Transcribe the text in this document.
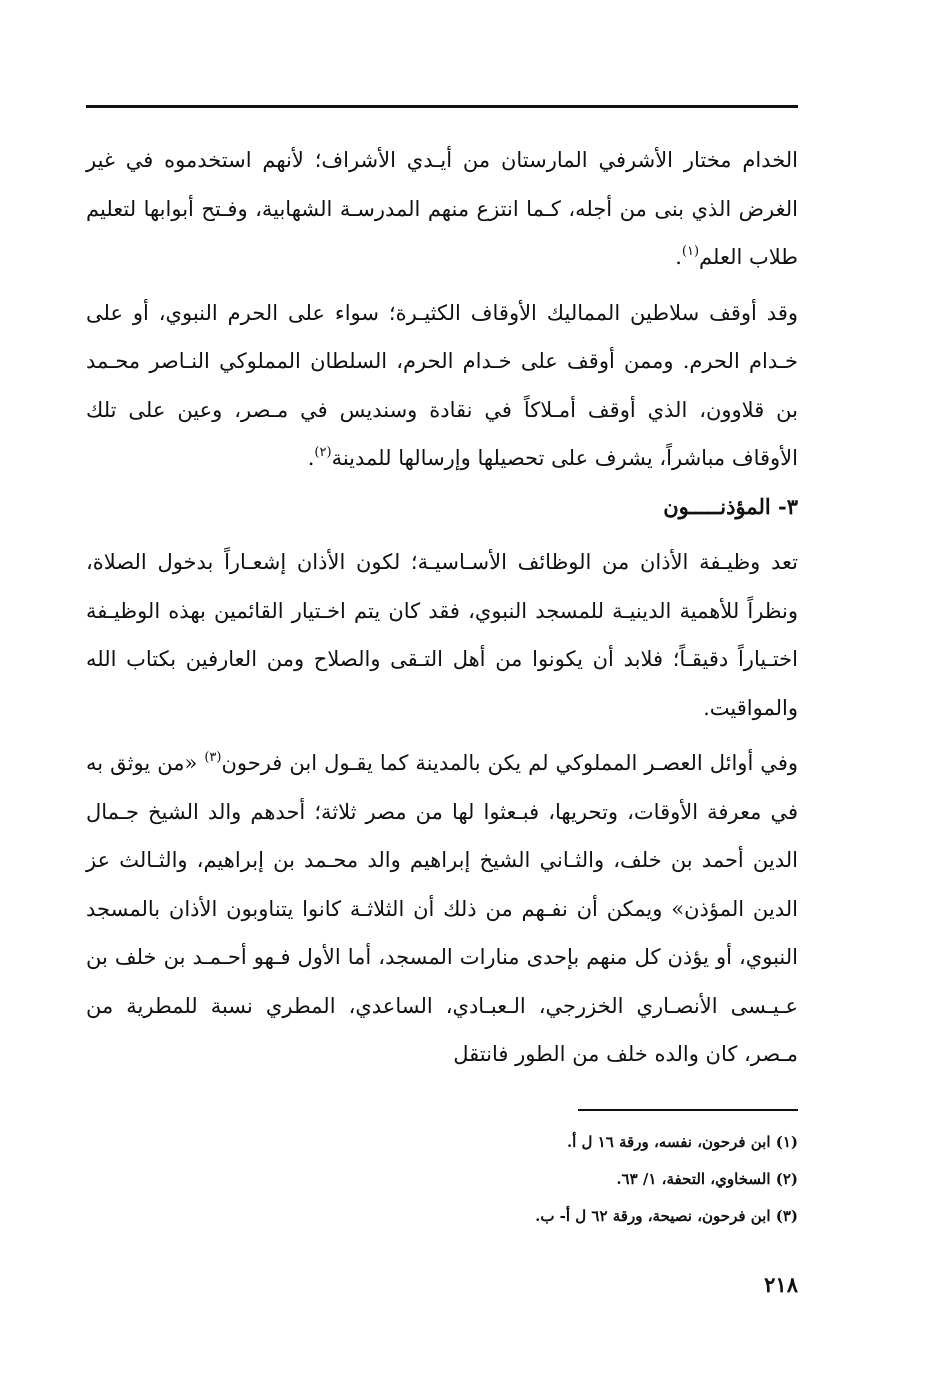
الخدام مختار الأشرفي المارستان من أيـدي الأشراف؛ لأنهم استخدموه في غير الغرض الذي بنى من أجله، كـما انتزع منهم المدرسـة الشهابية، وفـتح أبوابها لتعليم طلاب العلم$^{(١)}$.

وقد أوقف سلاطين المماليك الأوقاف الكثيـرة؛ سواء على الحرم النبوي، أو على خـدام الحرم. وممن أوقف على خـدام الحرم، السلطان المملوكي النـاصر محـمد بن قلاوون، الذي أوقف أمـلاكاً في نقادة وسنديس في مـصر، وعين على تلك الأوقاف مباشراً، يشرف على تحصيلها وإرسالها للمدينة$^{(٢)}$.

٣- المؤذنـــــون

تعد وظيـفة الأذان من الوظائف الأسـاسيـة؛ لكون الأذان إشعـاراً بدخول الصلاة، ونظراً للأهمية الدينيـة للمسجد النبوي، فقد كان يتم اخـتيار القائمين بهذه الوظيـفة اختـياراً دقيقـاً؛ فلابد أن يكونوا من أهل التـقى والصلاح ومن العارفين بكتاب الله والمواقيت.

وفي أوائل العصـر المملوكي لم يكن بالمدينة كما يقـول ابن فرحون$^{(٣)}$ «من يوثق به في معرفة الأوقات، وتحريها، فبـعثوا لها من مصر ثلاثة؛ أحدهم والد الشيخ جـمال الدين أحمد بن خلف، والثـاني الشيخ إبراهيم والد محـمد بن إبراهيم، والثـالث عز الدين المؤذن» ويمكن أن نفـهم من ذلك أن الثلاثـة كانوا يتناوبون الأذان بالمسجد النبوي، أو يؤذن كل منهم بإحدى منارات المسجد، أما الأول فـهو أحـمـد بن خلف بن عـيـسى الأنصـاري الخزرجي، الـعبـادي، الساعدي، المطري نسبة للمطرية من مـصر، كان والده خلف من الطور فانتقل

(١) ابن فرحون، نفسه، ورقة ١٦ ل أ.

(٢) السخاوي، التحفة، ١/ ٦٣.

(٣) ابن فرحون، نصيحة، ورقة ٦٢ ل أ- ب.

٢١٨
